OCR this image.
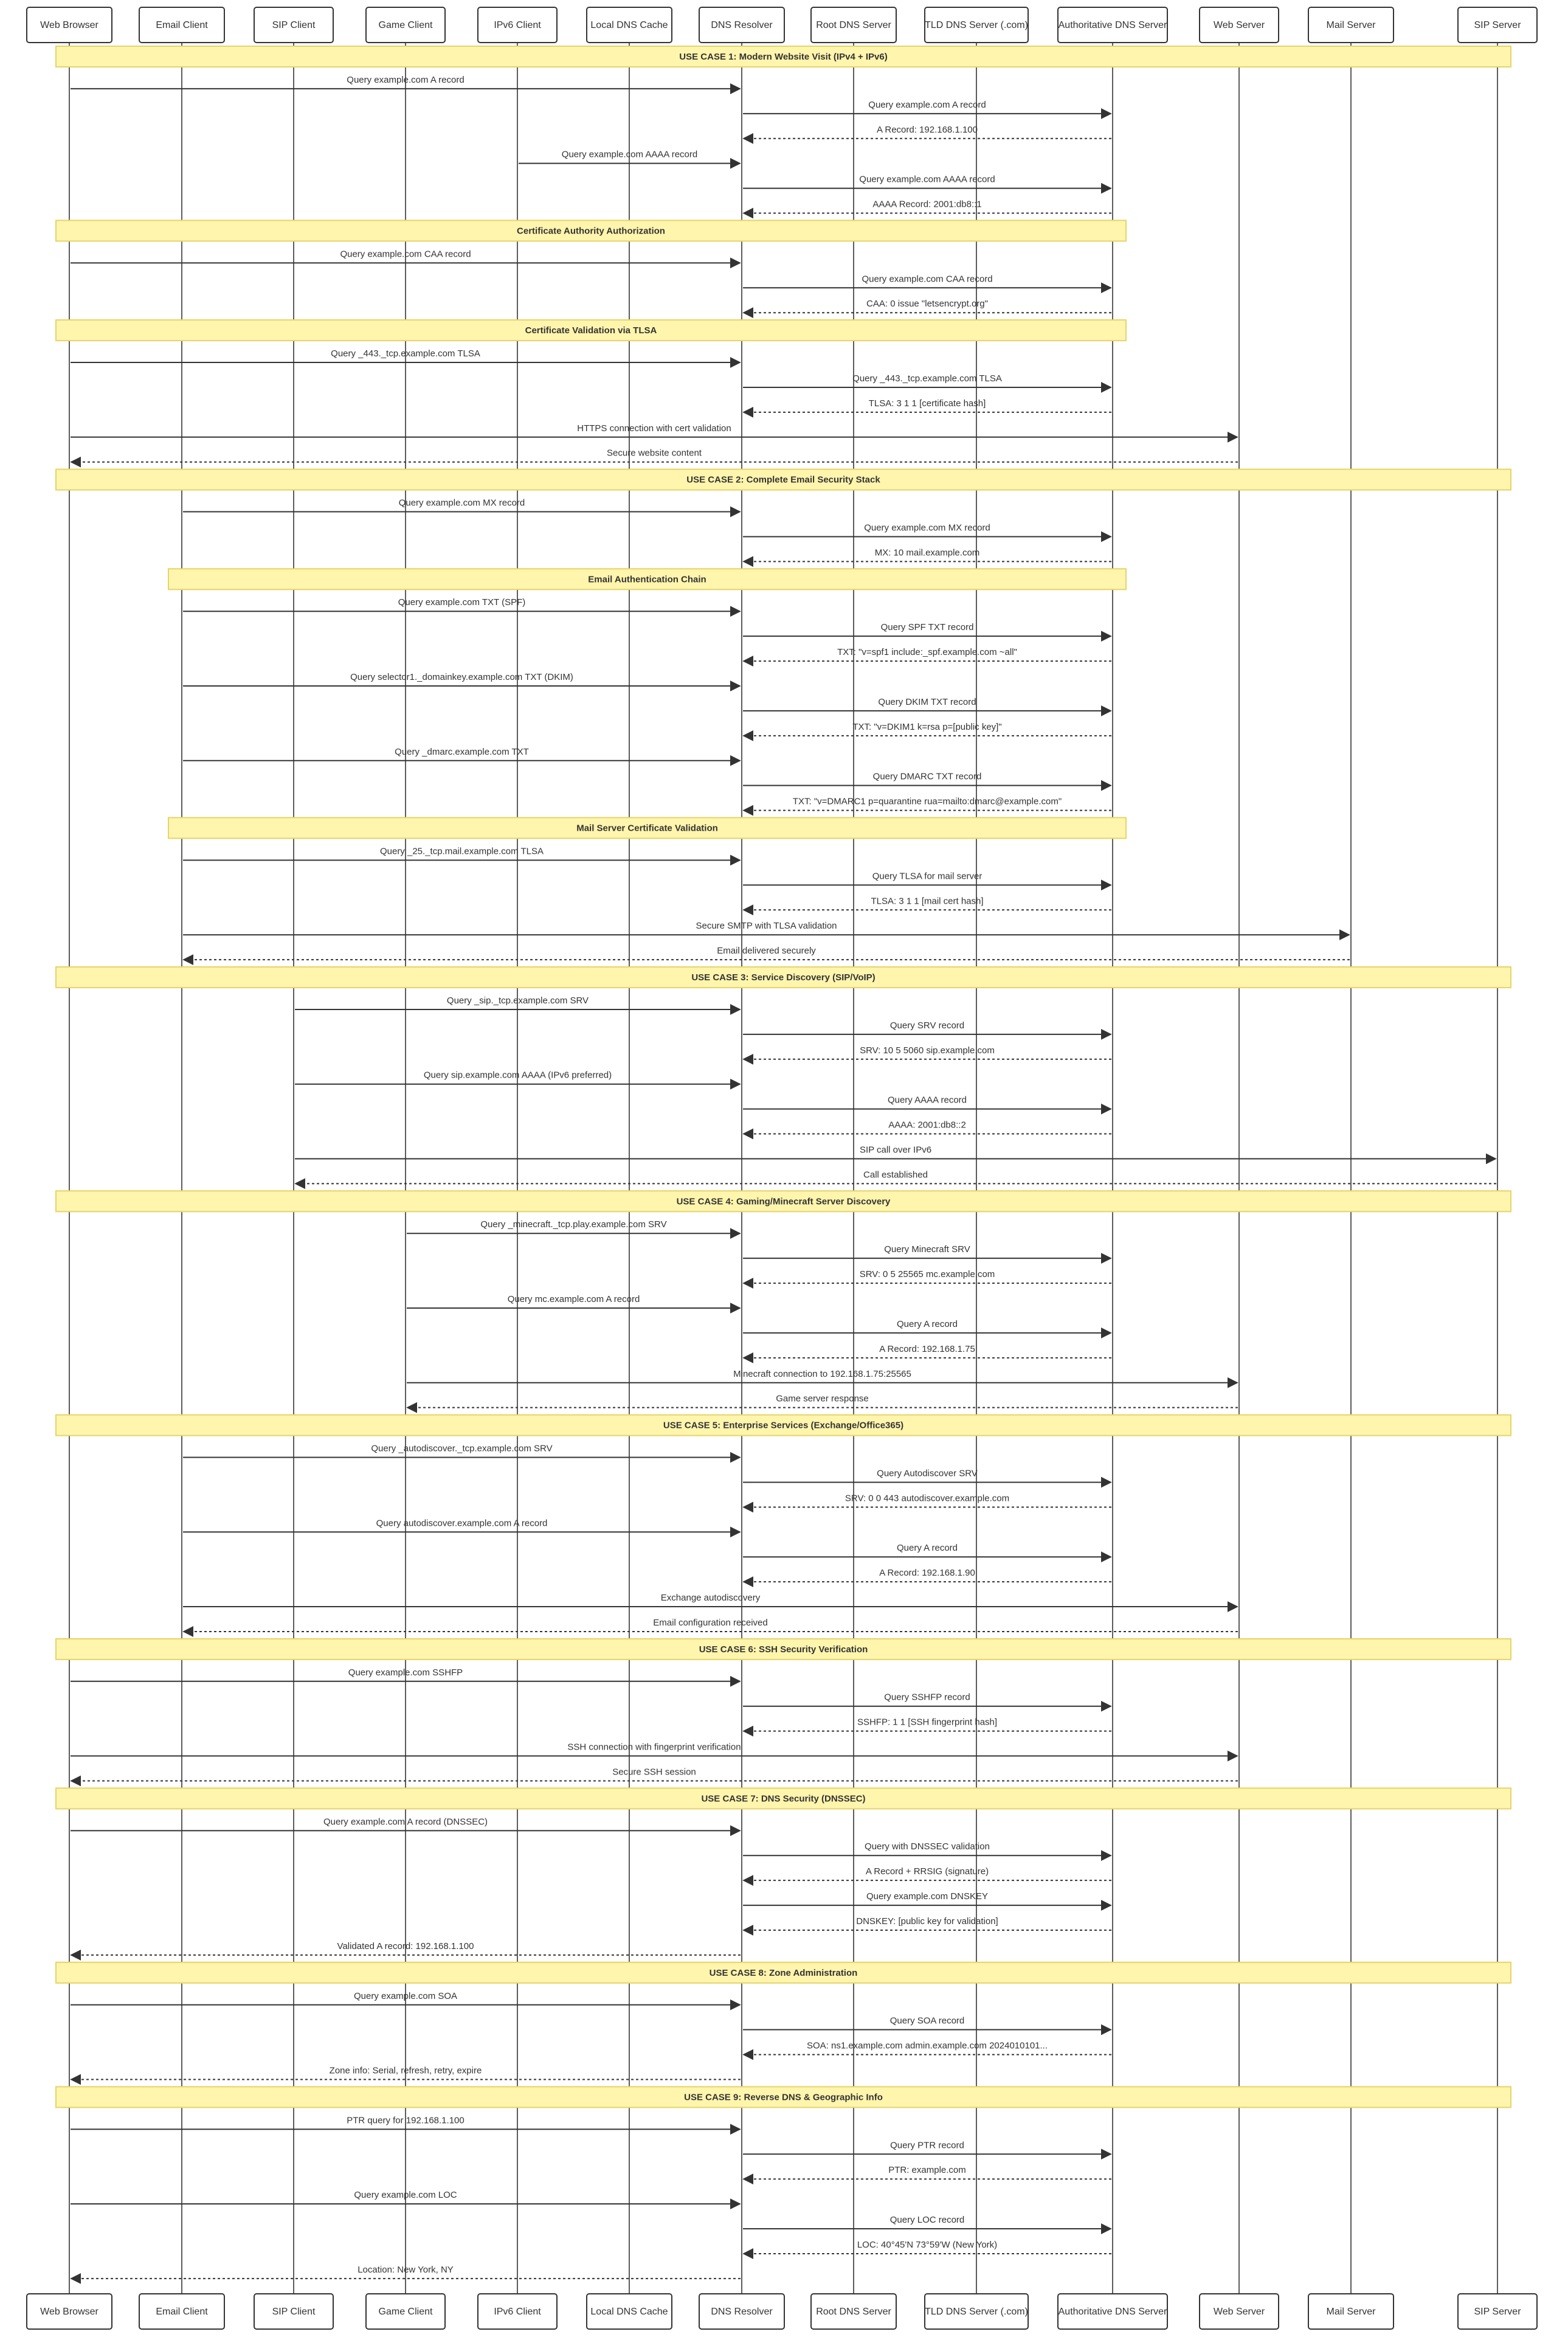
USE CASE 1: Modern Website Visit (IPv4 + IPv6)
Certificate Authority Authorization
Certificate Validation via TLSA
USE CASE 2: Complete Email Security Stack
Email Authentication Chain
Mail Server Certificate Validation
USE CASE 3: Service Discovery (SIP/VoIP)
USE CASE 4: Gaming/Minecraft Server Discovery
USE CASE 5: Enterprise Services (Exchange/Office365)
USE CASE 6: SSH Security Verification
USE CASE 7: DNS Security (DNSSEC)
USE CASE 8: Zone Administration
USE CASE 9: Reverse DNS & Geographic Info
Query example.com A record
Query example.com A record
A Record: 192.168.1.100
Query example.com AAAA record
Query example.com AAAA record
AAAA Record: 2001:db8::1
Query example.com CAA record
Query example.com CAA record
CAA: 0 issue "letsencrypt.org"
Query _443._tcp.example.com TLSA
Query _443._tcp.example.com TLSA
TLSA: 3 1 1 [certificate hash]
HTTPS connection with cert validation
Secure website content
Query example.com MX record
Query example.com MX record
MX: 10 mail.example.com
Query example.com TXT (SPF)
Query SPF TXT record
TXT: "v=spf1 include:_spf.example.com ~all"
Query selector1._domainkey.example.com TXT (DKIM)
Query DKIM TXT record
TXT: "v=DKIM1 k=rsa p=[public key]"
Query _dmarc.example.com TXT
Query DMARC TXT record
TXT: "v=DMARC1 p=quarantine rua=mailto:dmarc@example.com"
Query _25._tcp.mail.example.com TLSA
Query TLSA for mail server
TLSA: 3 1 1 [mail cert hash]
Secure SMTP with TLSA validation
Email delivered securely
Query _sip._tcp.example.com SRV
Query SRV record
SRV: 10 5 5060 sip.example.com
Query sip.example.com AAAA (IPv6 preferred)
Query AAAA record
AAAA: 2001:db8::2
SIP call over IPv6
Call established
Query _minecraft._tcp.play.example.com SRV
Query Minecraft SRV
SRV: 0 5 25565 mc.example.com
Query mc.example.com A record
Query A record
A Record: 192.168.1.75
Minecraft connection to 192.168.1.75:25565
Game server response
Query _autodiscover._tcp.example.com SRV
Query Autodiscover SRV
SRV: 0 0 443 autodiscover.example.com
Query autodiscover.example.com A record
Query A record
A Record: 192.168.1.90
Exchange autodiscovery
Email configuration received
Query example.com SSHFP
Query SSHFP record
SSHFP: 1 1 [SSH fingerprint hash]
SSH connection with fingerprint verification
Secure SSH session
Query example.com A record (DNSSEC)
Query with DNSSEC validation
A Record + RRSIG (signature)
Query example.com DNSKEY
DNSKEY: [public key for validation]
Validated A record: 192.168.1.100
Query example.com SOA
Query SOA record
SOA: ns1.example.com admin.example.com 2024010101...
Zone info: Serial, refresh, retry, expire
PTR query for 192.168.1.100
Query PTR record
PTR: example.com
Query example.com LOC
Query LOC record
LOC: 40°45'N 73°59'W (New York)
Location: New York, NY
Web Browser	Email Client	SIP Client	Game Client	IPv6 Client	Local DNS Cache	DNS Resolver	Root DNS Server	TLD DNS Server (.com)	Authoritative DNS Server	Web Server	Mail Server	SIP Server
Web Browser	Email Client	SIP Client	Game Client	IPv6 Client	Local DNS Cache	DNS Resolver	Root DNS Server	TLD DNS Server (.com)	Authoritative DNS Server	Web Server	Mail Server	SIP Server
